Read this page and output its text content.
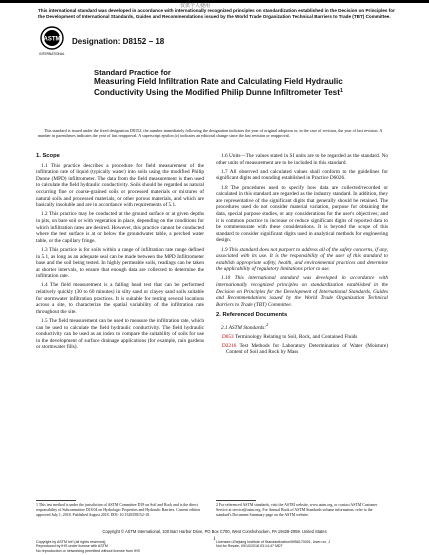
仅供个人使用
This international standard was developed in accordance with internationally recognized principles on standardization established in the Decision on Principles for the Development of International Standards, Guides and Recommendations issued by the World Trade Organization Technical Barriers to Trade (TBT) Committee.
ASTM
INTERNATIONAL
Designation: D8152 − 18
Standard Practice for
Measuring Field Infiltration Rate and Calculating Field Hydraulic Conductivity Using the Modified Philip Dunne Infiltrometer Test$^1$
This standard is issued under the fixed designation D8152; the number immediately following the designation indicates the year of original adoption or, in the case of revision, the year of last revision. A number in parentheses indicates the year of last reapproval. A superscript epsilon (ε) indicates an editorial change since the last revision or reapproval.
1. Scope
1.1 This practice describes a procedure for field measurement of the infiltration rate of liquid (typically water) into soils using the modified Philip Dunne (MPD) infiltrometer. The data from the field measurement is then used to calculate the field hydraulic conductivity. Soils should be regarded as natural occurring fine or coarse-grained soils or processed materials or mixtures of natural soils and processed materials, or other porous materials, and which are basically insoluble and are in accordance with requirements of 5.1.
1.2 This practice may be conducted at the ground surface or at given depths in pits, on bare soil or with vegetation in place, depending on the conditions for which infiltration rates are desired. However, this practice cannot be conducted where the test surface is at or below the groundwater table, a perched water table, or the capillary fringe.
1.3 This practice is for soils within a range of infiltration rate range defined in 5.1, as long as an adequate seal can be made between the MPD Infiltrometer base and the soil being tested. In highly permeable soils, readings can be taken at shorter intervals, to ensure that enough data are collected to determine the infiltration rate.
1.4 The field measurement is a falling head test that can be performed relatively quickly (30 to 60 minutes) in silty sand or clayey sand soils suitable for stormwater infiltration practices. It is suitable for testing several locations across a site, to characterize the spatial variability of the infiltration rate throughout the site.
1.5 The field measurement can be used to measure the infiltration rate, which can be used to calculate the field hydraulic conductivity. The field hydraulic conductivity can be used as an index to compare the suitability of soils for use in the development of surface drainage applications (for example, rain gardens or stormwater fills).
1.6 Units—The values stated in SI units are to be regarded as the standard. No other units of measurement are to be included in this standard.
1.7 All observed and calculated values shall conform to the guidelines for significant digits and rounding established in Practice D6026.
1.8 The procedures used to specify how data are collected/recorded or calculated in this standard are regarded as the industry standard. In addition, they are representative of the significant digits that generally should be retained. The procedures used do not consider material variation, purpose for obtaining the data, special purpose studies, or any considerations for the user's objectives; and it is common practice to increase or reduce significant digits of reported data to be commensurate with these considerations. It is beyond the scope of this standard to consider significant digits used in analytical methods for engineering design.
1.9 This standard does not purport to address all of the safety concerns, if any, associated with its use. It is the responsibility of the user of this standard to establish appropriate safety, health, and environmental practices and determine the applicability of regulatory limitations prior to use.
1.10 This international standard was developed in accordance with internationally recognized principles on standardization established in the Decision on Principles for the Development of International Standards, Guides and Recommendations issued by the World Trade Organization Technical Barriers to Trade (TBT) Committee.
2. Referenced Documents
2.1 ASTM Standards:$^2$
D653 Terminology Relating to Soil, Rock, and Contained Fluids
D2216 Test Methods for Laboratory Determination of Water (Moisture) Content of Soil and Rock by Mass
1 This test method is under the jurisdiction of ASTM Committee D18 on Soil and Rock and is the direct responsibility of Subcommittee D18.04 on Hydrologic Properties and Hydraulic Barriers. Current edition approved July 1, 2018. Published August 2018. DOI: 10.1520/D8152-18.
2 For referenced ASTM standards, visit the ASTM website, www.astm.org, or contact ASTM Customer Service at service@astm.org. For Annual Book of ASTM Standards volume information, refer to the standard's Document Summary page on the ASTM website.
Copyright © ASTM International, 100 Barr Harbor Drive, PO Box C700, West Conshohocken, PA 19428-2959. United States
1
Copyright by ASTM Int'l (all rights reserved);
Reproduced by IHS under license with ASTM
No reproduction or networking permitted without license from IHS
Licensee=Zhejiang Institute of Standardization/5956170001, User=xx, J
Not for Resale, 09/10/2018 03:14:47 MDT
